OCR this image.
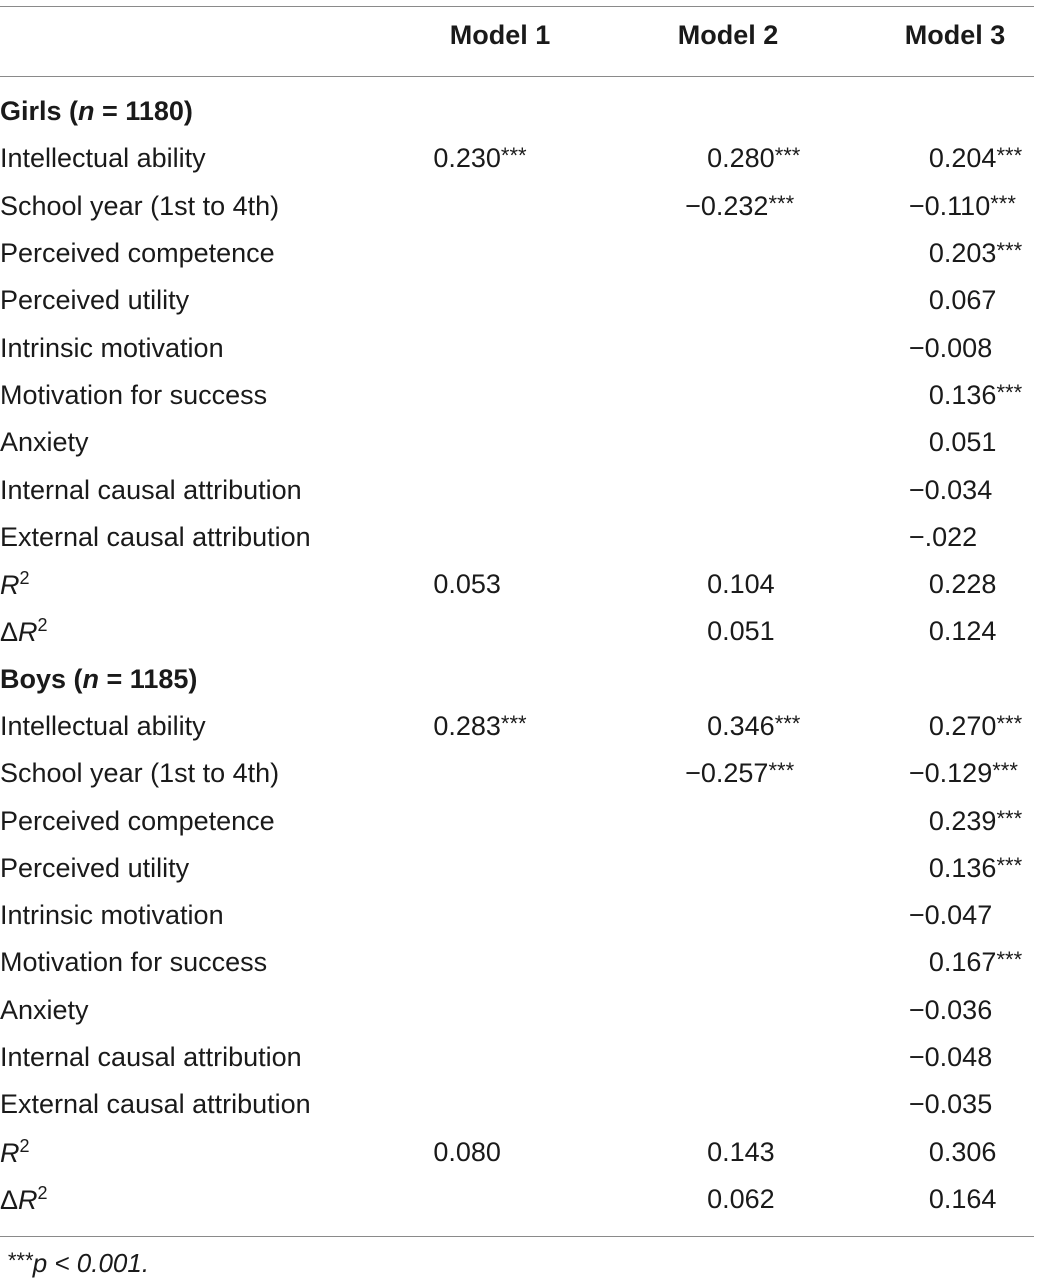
Model 1	Model 2	Model 3
Girls (n = 1180)			
Intellectual ability	0.230***	0.280***	0.204***
School year (1st to 4th)		−0.232***	−0.110***
Perceived competence			0.203***
Perceived utility			0.067
Intrinsic motivation			−0.008
Motivation for success			0.136***
Anxiety			0.051
Internal causal attribution			−0.034
External causal attribution			−.022
$R^2$	0.053	0.104	0.228
$\Delta R^2$		0.051	0.124
Boys (n = 1185)			
Intellectual ability	0.283***	0.346***	0.270***
School year (1st to 4th)		−0.257***	−0.129***
Perceived competence			0.239***
Perceived utility			0.136***
Intrinsic motivation			−0.047
Motivation for success			0.167***
Anxiety			−0.036
Internal causal attribution			−0.048
External causal attribution			−0.035
$R^2$	0.080	0.143	0.306
$\Delta R^2$		0.062	0.164
***p < 0.001.
